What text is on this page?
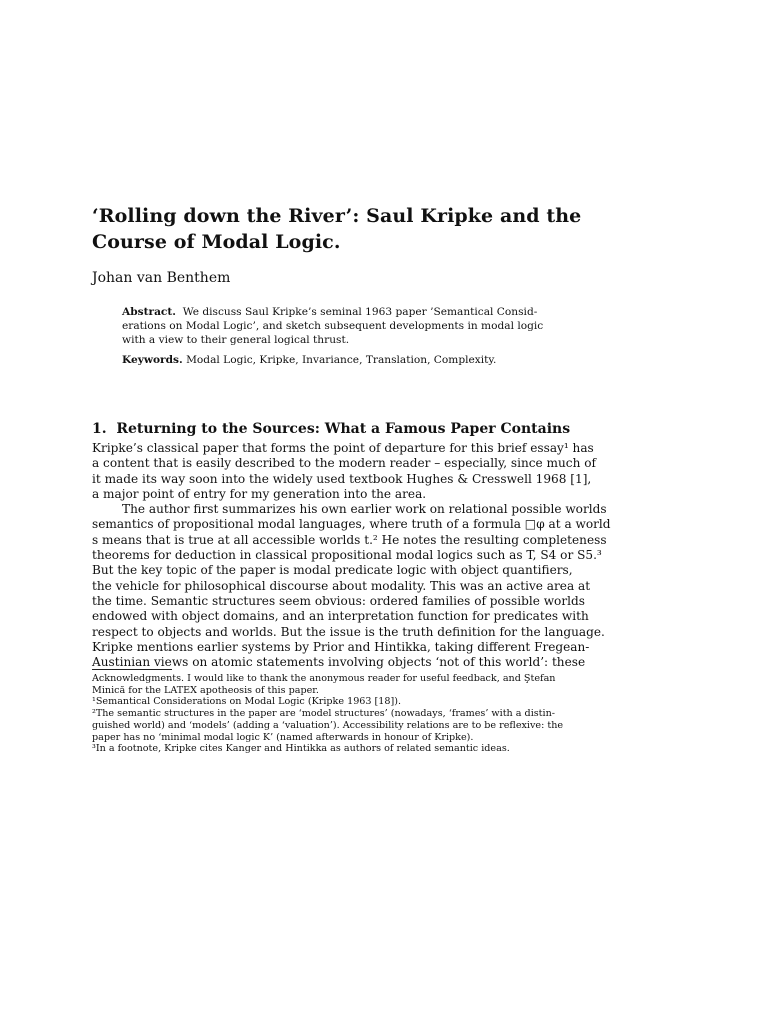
‘Rolling down the River’: Saul Kripke and the
Course of Modal Logic.
Johan van Benthem
Abstract. We discuss Saul Kripke’s seminal 1963 paper ’Semantical Consid-
erations on Modal Logic’, and sketch subsequent developments in modal logic
with a view to their general logical thrust.
Keywords. Modal Logic, Kripke, Invariance, Translation, Complexity.
1. Returning to the Sources: What a Famous Paper Contains
Kripke’s classical paper that forms the point of departure for this brief essay¹ has
a content that is easily described to the modern reader – especially, since much of
it made its way soon into the widely used textbook Hughes & Cresswell 1968 [1],
a major point of entry for my generation into the area.
The author first summarizes his own earlier work on relational possible worlds
semantics of propositional modal languages, where truth of a formula □φ at a world
s means that is true at all accessible worlds t.² He notes the resulting completeness
theorems for deduction in classical propositional modal logics such as T, S4 or S5.³
But the key topic of the paper is modal predicate logic with object quantifiers,
the vehicle for philosophical discourse about modality. This was an active area at
the time. Semantic structures seem obvious: ordered families of possible worlds
endowed with object domains, and an interpretation function for predicates with
respect to objects and worlds. But the issue is the truth definition for the language.
Kripke mentions earlier systems by Prior and Hintikka, taking different Fregean-
Austinian views on atomic statements involving objects ‘not of this world’: these
Acknowledgments. I would like to thank the anonymous reader for useful feedback, and Ştefan
Minică for the LATEX apotheosis of this paper.
¹Semantical Considerations on Modal Logic (Kripke 1963 [18]).
²The semantic structures in the paper are ‘model structures’ (nowadays, ‘frames’ with a distin-
guished world) and ‘models’ (adding a ‘valuation’). Accessibility relations are to be reflexive: the
paper has no ‘minimal modal logic K’ (named afterwards in honour of Kripke).
³In a footnote, Kripke cites Kanger and Hintikka as authors of related semantic ideas.
